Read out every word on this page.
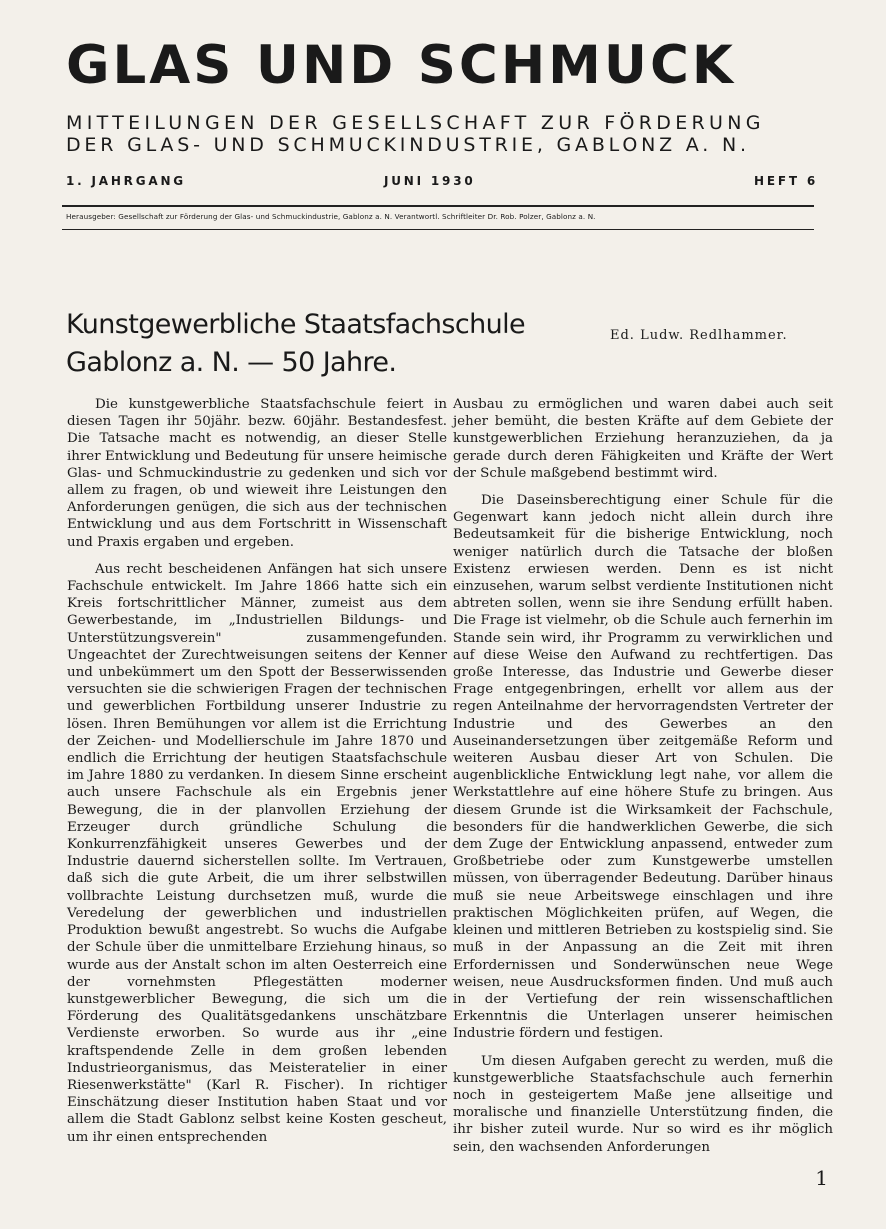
GLAS UND SCHMUCK

MITTEILUNGEN DER GESELLSCHAFT ZUR FÖRDERUNG

DER GLAS- UND SCHMUCKINDUSTRIE, GABLONZ A. N.

1. JAHRGANG	JUNI 1930	HEFT 6

Herausgeber: Gesellschaft zur Förderung der Glas- und Schmuckindustrie, Gablonz a. N. Verantwortl. Schriftleiter Dr. Rob. Polzer, Gablonz a. N.

Kunstgewerbliche Staatsfachschule
Gablonz a. N. — 50 Jahre.

Ed. Ludw. Redlhammer.

Die kunstgewerbliche Staatsfachschule feiert in diesen Tagen ihr 50jähr. bezw. 60jähr. Bestandesfest. Die Tatsache macht es notwendig, an dieser Stelle ihrer Entwicklung und Bedeutung für unsere heimische Glas- und Schmuckindustrie zu gedenken und sich vor allem zu fragen, ob und wieweit ihre Leistungen den Anforderungen genügen, die sich aus der technischen Entwicklung und aus dem Fortschritt in Wissenschaft und Praxis ergaben und ergeben.

Aus recht bescheidenen Anfängen hat sich unsere Fachschule entwickelt. Im Jahre 1866 hatte sich ein Kreis fortschrittlicher Männer, zumeist aus dem Gewerbestande, im „Industriellen Bildungs- und Unterstützungsverein" zusammengefunden. Ungeachtet der Zurechtweisungen seitens der Kenner und unbekümmert um den Spott der Besserwissenden versuchten sie die schwierigen Fragen der technischen und gewerblichen Fortbildung unserer Industrie zu lösen. Ihren Bemühungen vor allem ist die Errichtung der Zeichen- und Modellierschule im Jahre 1870 und endlich die Errichtung der heutigen Staatsfachschule im Jahre 1880 zu verdanken. In diesem Sinne erscheint auch unsere Fachschule als ein Ergebnis jener Bewegung, die in der planvollen Erziehung der Erzeuger durch gründliche Schulung die Konkurrenzfähigkeit unseres Gewerbes und der Industrie dauernd sicherstellen sollte. Im Vertrauen, daß sich die gute Arbeit, die um ihrer selbstwillen vollbrachte Leistung durchsetzen muß, wurde die Veredelung der gewerblichen und industriellen Produktion bewußt angestrebt. So wuchs die Aufgabe der Schule über die unmittelbare Erziehung hinaus, so wurde aus der Anstalt schon im alten Oesterreich eine der vornehmsten Pflegestätten moderner kunstgewerblicher Bewegung, die sich um die Förderung des Qualitätsgedankens unschätzbare Verdienste erworben. So wurde aus ihr „eine kraftspendende Zelle in dem großen lebenden Industrieorganismus, das Meisteratelier in einer Riesenwerkstätte" (Karl R. Fischer). In richtiger Einschätzung dieser Institution haben Staat und vor allem die Stadt Gablonz selbst keine Kosten gescheut, um ihr einen entsprechenden

Ausbau zu ermöglichen und waren dabei auch seit jeher bemüht, die besten Kräfte auf dem Gebiete der kunstgewerblichen Erziehung heranzuziehen, da ja gerade durch deren Fähigkeiten und Kräfte der Wert der Schule maßgebend bestimmt wird.

Die Daseinsberechtigung einer Schule für die Gegenwart kann jedoch nicht allein durch ihre Bedeutsamkeit für die bisherige Entwicklung, noch weniger natürlich durch die Tatsache der bloßen Existenz erwiesen werden. Denn es ist nicht einzusehen, warum selbst verdiente Institutionen nicht abtreten sollen, wenn sie ihre Sendung erfüllt haben. Die Frage ist vielmehr, ob die Schule auch fernerhin im Stande sein wird, ihr Programm zu verwirklichen und auf diese Weise den Aufwand zu rechtfertigen. Das große Interesse, das Industrie und Gewerbe dieser Frage entgegenbringen, erhellt vor allem aus der regen Anteilnahme der hervorragendsten Vertreter der Industrie und des Gewerbes an den Auseinandersetzungen über zeitgemäße Reform und weiteren Ausbau dieser Art von Schulen. Die augenblickliche Entwicklung legt nahe, vor allem die Werkstattlehre auf eine höhere Stufe zu bringen. Aus diesem Grunde ist die Wirksamkeit der Fachschule, besonders für die handwerklichen Gewerbe, die sich dem Zuge der Entwicklung anpassend, entweder zum Großbetriebe oder zum Kunstgewerbe umstellen müssen, von überragender Bedeutung. Darüber hinaus muß sie neue Arbeitswege einschlagen und ihre praktischen Möglichkeiten prüfen, auf Wegen, die kleinen und mittleren Betrieben zu kostspielig sind. Sie muß in der Anpassung an die Zeit mit ihren Erfordernissen und Sonderwünschen neue Wege weisen, neue Ausdrucksformen finden. Und muß auch in der Vertiefung der rein wissenschaftlichen Erkenntnis die Unterlagen unserer heimischen Industrie fördern und festigen.

Um diesen Aufgaben gerecht zu werden, muß die kunstgewerbliche Staatsfachschule auch fernerhin noch in gesteigertem Maße jene allseitige und moralische und finanzielle Unterstützung finden, die ihr bisher zuteil wurde. Nur so wird es ihr möglich sein, den wachsenden Anforderungen

1
